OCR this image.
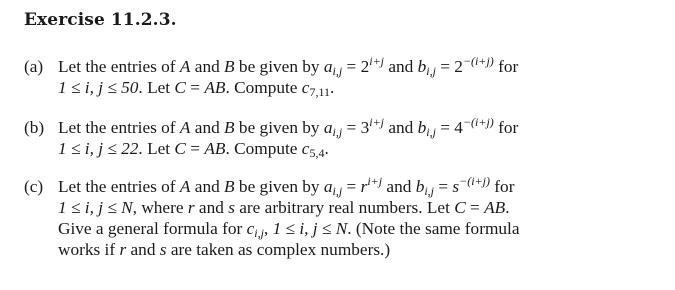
Exercise 11.2.3.
(a) Let the entries of A and B be given by $a_{i,j} = 2^{i+j}$ and $b_{i,j} = 2^{-(i+j)}$ for
1 ≤ i, j ≤ 50. Let C = AB. Compute $c_{7,11}$.
(b) Let the entries of A and B be given by $a_{i,j} = 3^{i+j}$ and $b_{i,j} = 4^{-(i+j)}$ for
1 ≤ i, j ≤ 22. Let C = AB. Compute $c_{5,4}$.
(c) Let the entries of A and B be given by $a_{i,j} = r^{i+j}$ and $b_{i,j} = s^{-(i+j)}$ for
1 ≤ i, j ≤ N, where r and s are arbitrary real numbers. Let C = AB.
Give a general formula for $c_{i,j}$, 1 ≤ i, j ≤ N. (Note the same formula
works if r and s are taken as complex numbers.)
